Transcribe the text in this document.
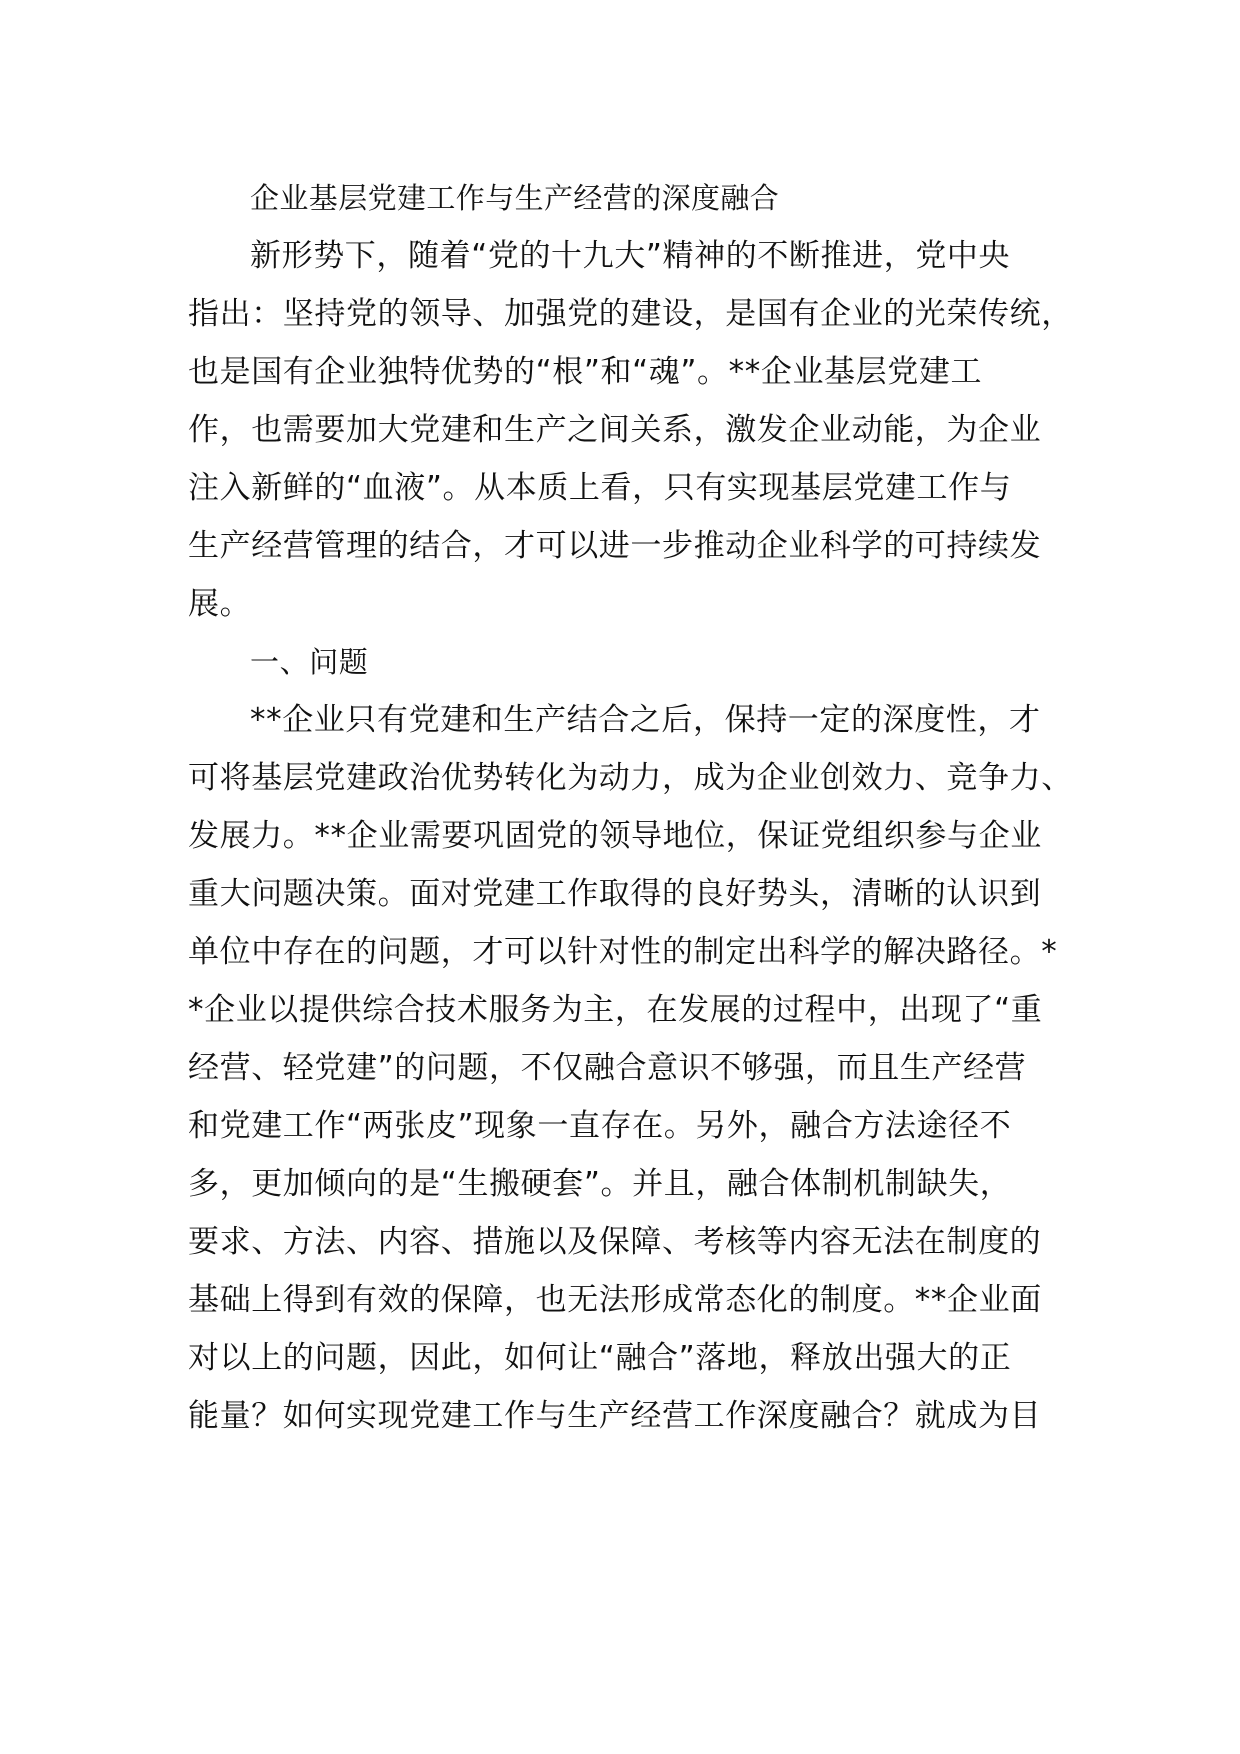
企业基层党建工作与生产经营的深度融合

新形势下，随着“党的十九大”精神的不断推进，党中央

指出：坚持党的领导、加强党的建设，是国有企业的光荣传统，

也是国有企业独特优势的“根”和“魂”。**企业基层党建工

作，也需要加大党建和生产之间关系，激发企业动能，为企业

注入新鲜的“血液”。从本质上看，只有实现基层党建工作与

生产经营管理的结合，才可以进一步推动企业科学的可持续发

展。

一、问题

**企业只有党建和生产结合之后，保持一定的深度性，才

可将基层党建政治优势转化为动力，成为企业创效力、竞争力、

发展力。**企业需要巩固党的领导地位，保证党组织参与企业

重大问题决策。面对党建工作取得的良好势头，清晰的认识到

单位中存在的问题，才可以针对性的制定出科学的解决路径。*

*企业以提供综合技术服务为主，在发展的过程中，出现了“重

经营、轻党建”的问题，不仅融合意识不够强，而且生产经营

和党建工作“两张皮”现象一直存在。另外，融合方法途径不

多，更加倾向的是“生搬硬套”。并且，融合体制机制缺失，

要求、方法、内容、措施以及保障、考核等内容无法在制度的

基础上得到有效的保障，也无法形成常态化的制度。**企业面

对以上的问题，因此，如何让“融合”落地，释放出强大的正

能量？如何实现党建工作与生产经营工作深度融合？就成为目
